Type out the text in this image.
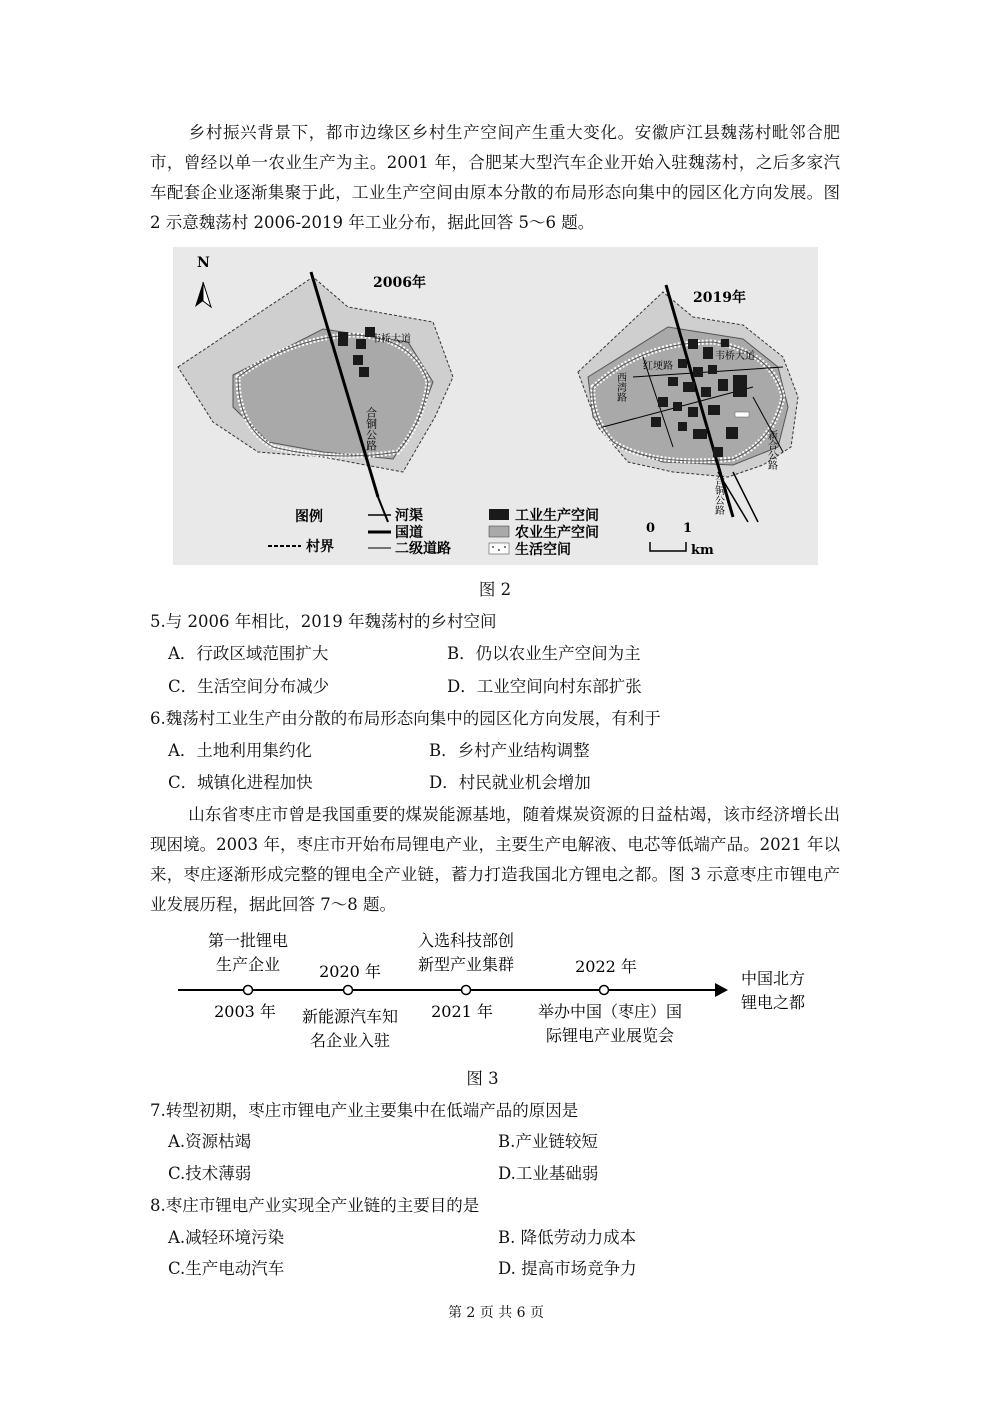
乡村振兴背景下，都市边缘区乡村生产空间产生重大变化。安徽庐江县魏荡村毗邻合肥市，曾经以单一农业生产为主。2001 年，合肥某大型汽车企业开始入驻魏荡村，之后多家汽车配套企业逐渐集聚于此，工业生产空间由原本分散的布局形态向集中的园区化方向发展。图 2 示意魏荡村 2006-2019 年工业分布，据此回答 5～6 题。

N
2006年
合铜公路
韦桥大道
2019年
合铜公路
韦桥大道
红埂路
西湾路
新合公路
图例	河渠
国道
二级道路
村界
工业生产空间
农业生产空间
生活空间
0 1
km

图 2

5.与 2006 年相比，2019 年魏荡村的乡村空间

A．行政区域范围扩大	B．仍以农业生产空间为主

C．生活空间分布减少	D．工业空间向村东部扩张

6.魏荡村工业生产由分散的布局形态向集中的园区化方向发展，有利于

A．土地利用集约化	B．乡村产业结构调整

C．城镇化进程加快	D．村民就业机会增加

山东省枣庄市曾是我国重要的煤炭能源基地，随着煤炭资源的日益枯竭，该市经济增长出现困境。2003 年，枣庄市开始布局锂电产业，主要生产电解液、电芯等低端产品。2021 年以来，枣庄逐渐形成完整的锂电全产业链，蓄力打造我国北方锂电之都。图 3 示意枣庄市锂电产业发展历程，据此回答 7～8 题。

第一批锂电
生产企业
2003 年
2020 年
新能源汽车知
名企业入驻
入选科技部创
新型产业集群
2021 年
2022 年
举办中国（枣庄）国
际锂电产业展览会
中国北方
锂电之都

图 3

7.转型初期，枣庄市锂电产业主要集中在低端产品的原因是

A.资源枯竭	B.产业链较短

C.技术薄弱	D.工业基础弱

8.枣庄市锂电产业实现全产业链的主要目的是

A.减轻环境污染	B. 降低劳动力成本

C.生产电动汽车	D. 提高市场竞争力

第 2 页 共 6 页
